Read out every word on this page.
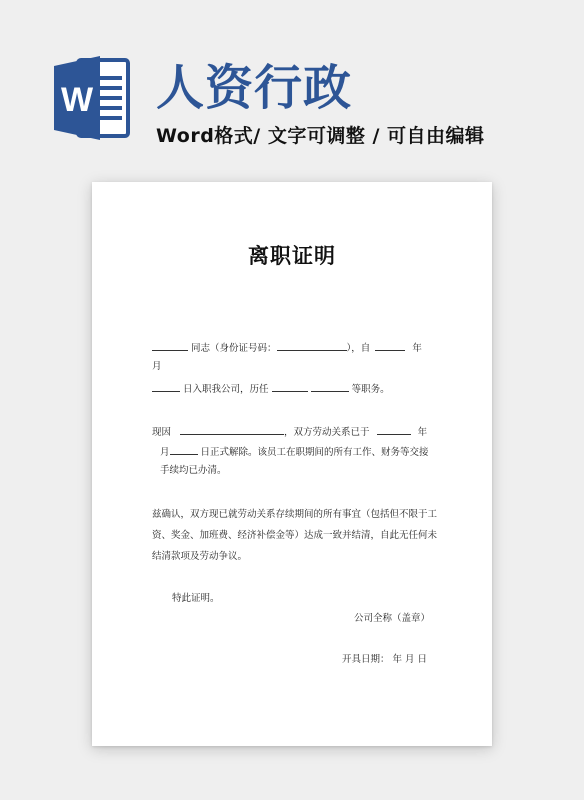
W 人资行政
Word格式/ 文字可调整 / 可自由编辑
离职证明
同志（身份证号码：	），自	年
月
日入职我公司，历任	等职务。
现因	，双方劳动关系已于	年
月	日正式解除。该员工在职期间的所有工作、财务等交接
手续均已办清。
兹确认，双方现已就劳动关系存续期间的所有事宜（包括但不限于工
资、奖金、加班费、经济补偿金等）达成一致并结清，自此无任何未
结清款项及劳动争议。
特此证明。
公司全称（盖章）
开具日期： 年 月 日
